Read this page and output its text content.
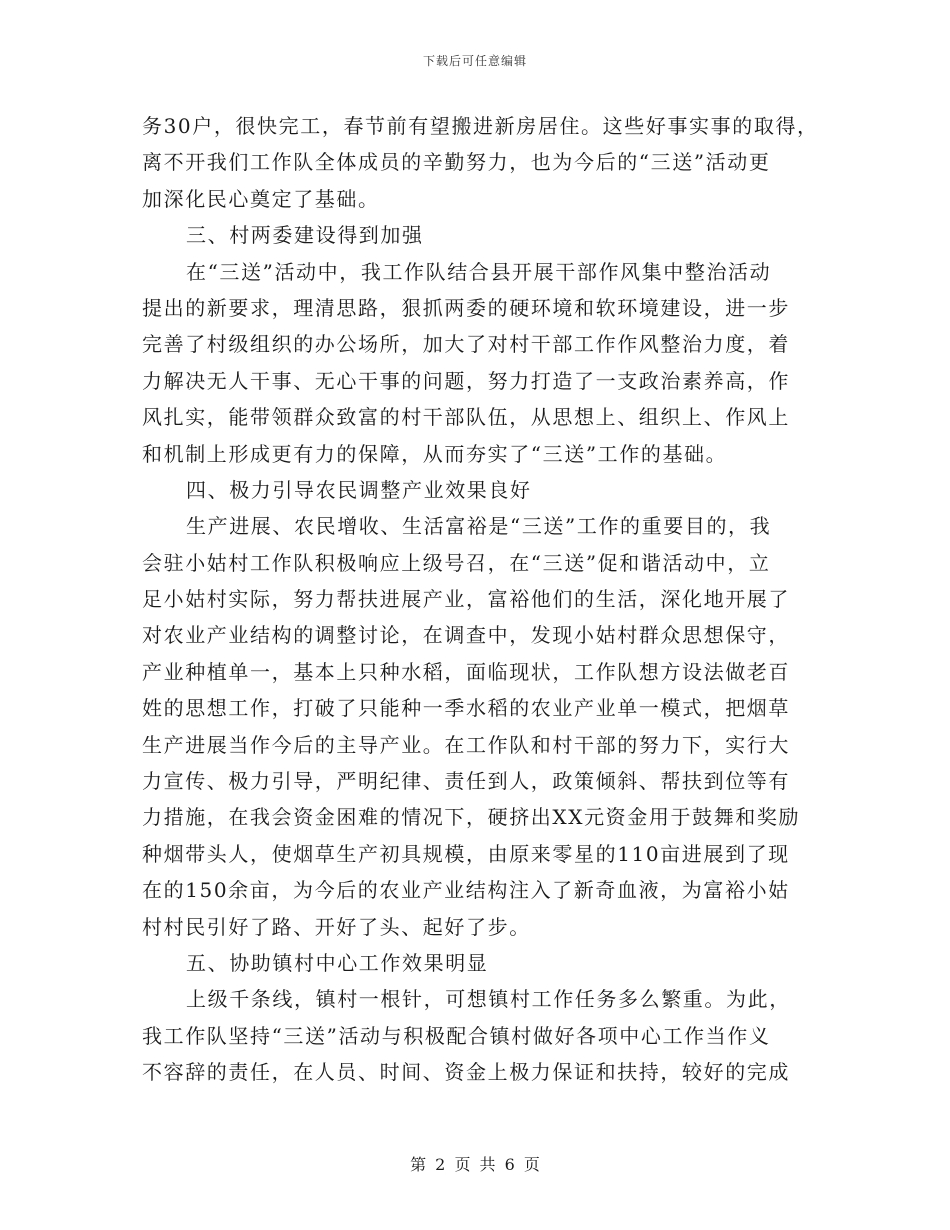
下载后可任意编辑
务30户，很快完工，春节前有望搬进新房居住。这些好事实事的取得，
离不开我们工作队全体成员的辛勤努力，也为今后的“三送”活动更
加深化民心奠定了基础。
三、村两委建设得到加强
在“三送”活动中，我工作队结合县开展干部作风集中整治活动
提出的新要求，理清思路，狠抓两委的硬环境和软环境建设，进一步
完善了村级组织的办公场所，加大了对村干部工作作风整治力度，着
力解决无人干事、无心干事的问题，努力打造了一支政治素养高，作
风扎实，能带领群众致富的村干部队伍，从思想上、组织上、作风上
和机制上形成更有力的保障，从而夯实了“三送”工作的基础。
四、极力引导农民调整产业效果良好
生产进展、农民增收、生活富裕是“三送”工作的重要目的，我
会驻小姑村工作队积极响应上级号召，在“三送”促和谐活动中，立
足小姑村实际，努力帮扶进展产业，富裕他们的生活，深化地开展了
对农业产业结构的调整讨论，在调查中，发现小姑村群众思想保守，
产业种植单一，基本上只种水稻，面临现状，工作队想方设法做老百
姓的思想工作，打破了只能种一季水稻的农业产业单一模式，把烟草
生产进展当作今后的主导产业。在工作队和村干部的努力下，实行大
力宣传、极力引导，严明纪律、责任到人，政策倾斜、帮扶到位等有
力措施，在我会资金困难的情况下，硬挤出XX元资金用于鼓舞和奖励
种烟带头人，使烟草生产初具规模，由原来零星的110亩进展到了现
在的150余亩，为今后的农业产业结构注入了新奇血液，为富裕小姑
村村民引好了路、开好了头、起好了步。
五、协助镇村中心工作效果明显
上级千条线，镇村一根针，可想镇村工作任务多么繁重。为此，
我工作队坚持“三送”活动与积极配合镇村做好各项中心工作当作义
不容辞的责任，在人员、时间、资金上极力保证和扶持，较好的完成
第 2 页 共 6 页
